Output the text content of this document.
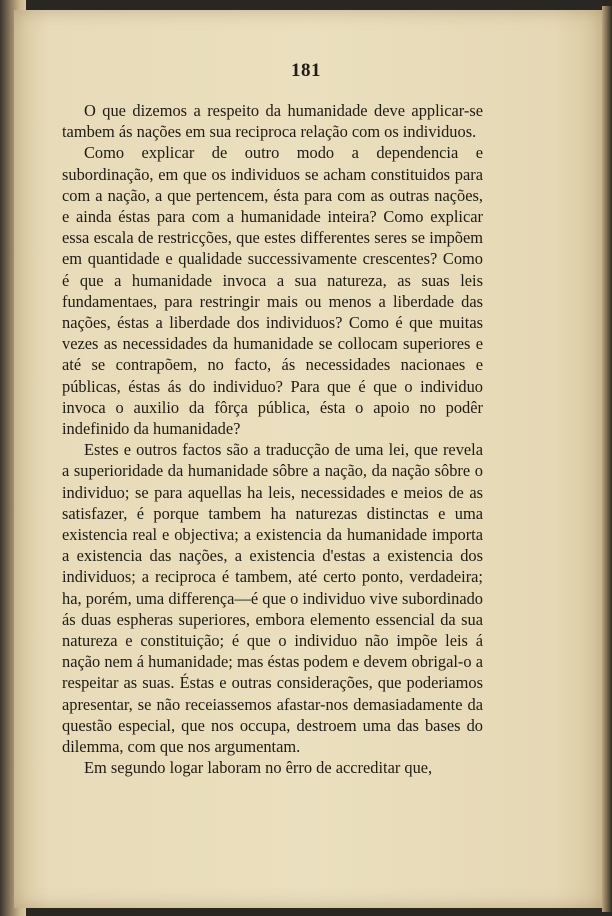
181

O que dizemos a respeito da humanidade deve applicar-se tambem ás nações em sua reciproca relação com os individuos.

Como explicar de outro modo a dependencia e subordinação, em que os individuos se acham constituidos para com a nação, a que pertencem, ésta para com as outras nações, e ainda éstas para com a humanidade inteira? Como explicar essa escala de restricções, que estes differentes seres se impõem em quantidade e qualidade successivamente crescentes? Como é que a humanidade invoca a sua natureza, as suas leis fundamentaes, para restringir mais ou menos a liberdade das nações, éstas a liberdade dos individuos? Como é que muitas vezes as necessidades da humanidade se collocam superiores e até se contrapõem, no facto, ás necessidades nacionaes e públicas, éstas ás do individuo? Para que é que o individuo invoca o auxilio da fôrça pública, ésta o apoio no podêr indefinido da humanidade?

Estes e outros factos são a traducção de uma lei, que revela a superioridade da humanidade sôbre a nação, da nação sôbre o individuo; se para aquellas ha leis, necessidades e meios de as satisfazer, é porque tambem ha naturezas distinctas e uma existencia real e objectiva; a existencia da humanidade importa a existencia das nações, a existencia d'estas a existencia dos individuos; a reciproca é tambem, até certo ponto, verdadeira; ha, porém, uma differença—é que o individuo vive subordinado ás duas espheras superiores, embora elemento essencial da sua natureza e constituição; é que o individuo não impõe leis á nação nem á humanidade; mas éstas podem e devem obrigal-o a respeitar as suas. Éstas e outras considerações, que poderiamos apresentar, se não receiassemos afastar-nos demasiadamente da questão especial, que nos occupa, destroem uma das bases do dilemma, com que nos argumentam.

Em segundo logar laboram no êrro de accreditar que,
